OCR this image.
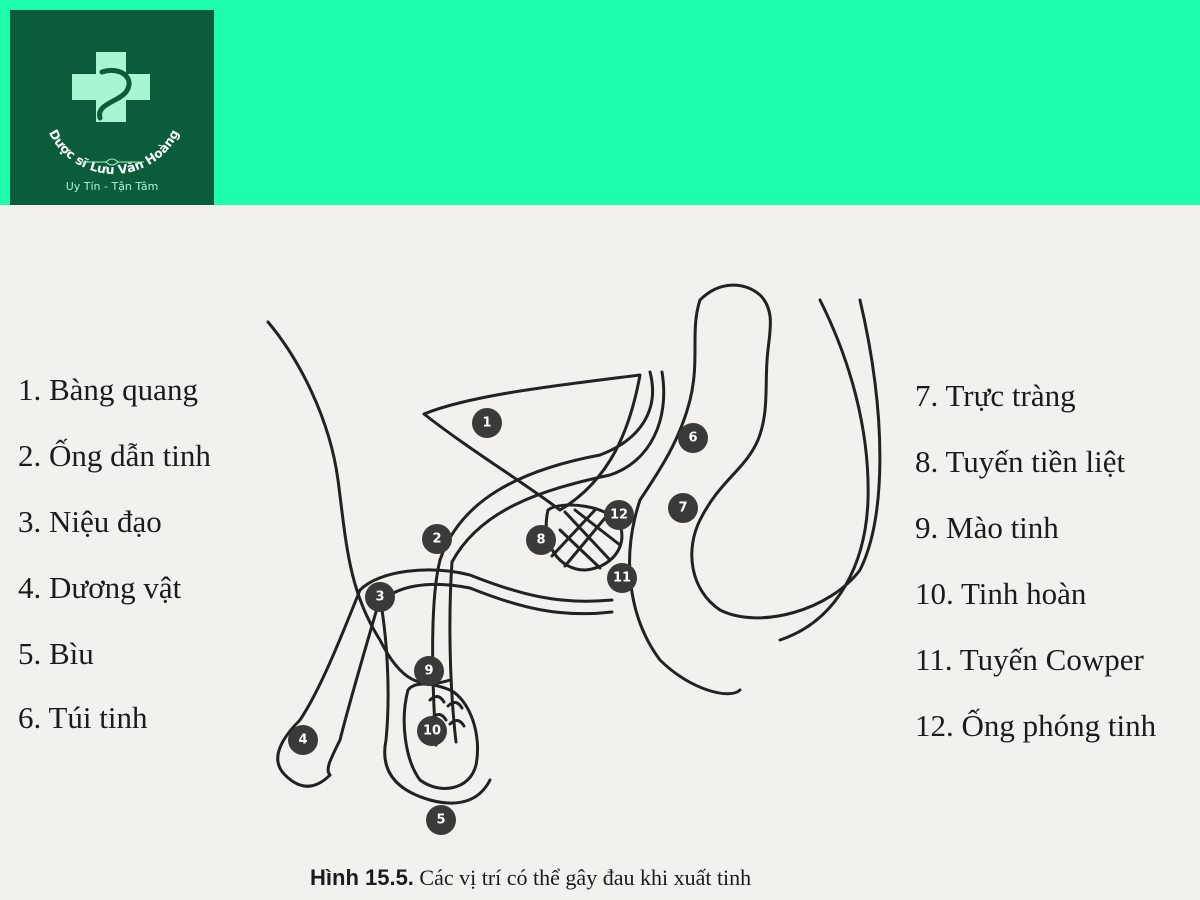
Dược sĩ Lưu Văn Hoàng
Uy Tín - Tận Tâm
1. Bàng quang
2. Ống dẫn tinh
3. Niệu đạo
4. Dương vật
5. Bìu
6. Túi tinh
7. Trực tràng
8. Tuyến tiền liệt
9. Mào tinh
10. Tinh hoàn
11. Tuyến Cowper
12. Ống phóng tinh
1
2
3
4
5
6
7
8
9
10
11
12
Hình 15.5. Các vị trí có thể gây đau khi xuất tinh
